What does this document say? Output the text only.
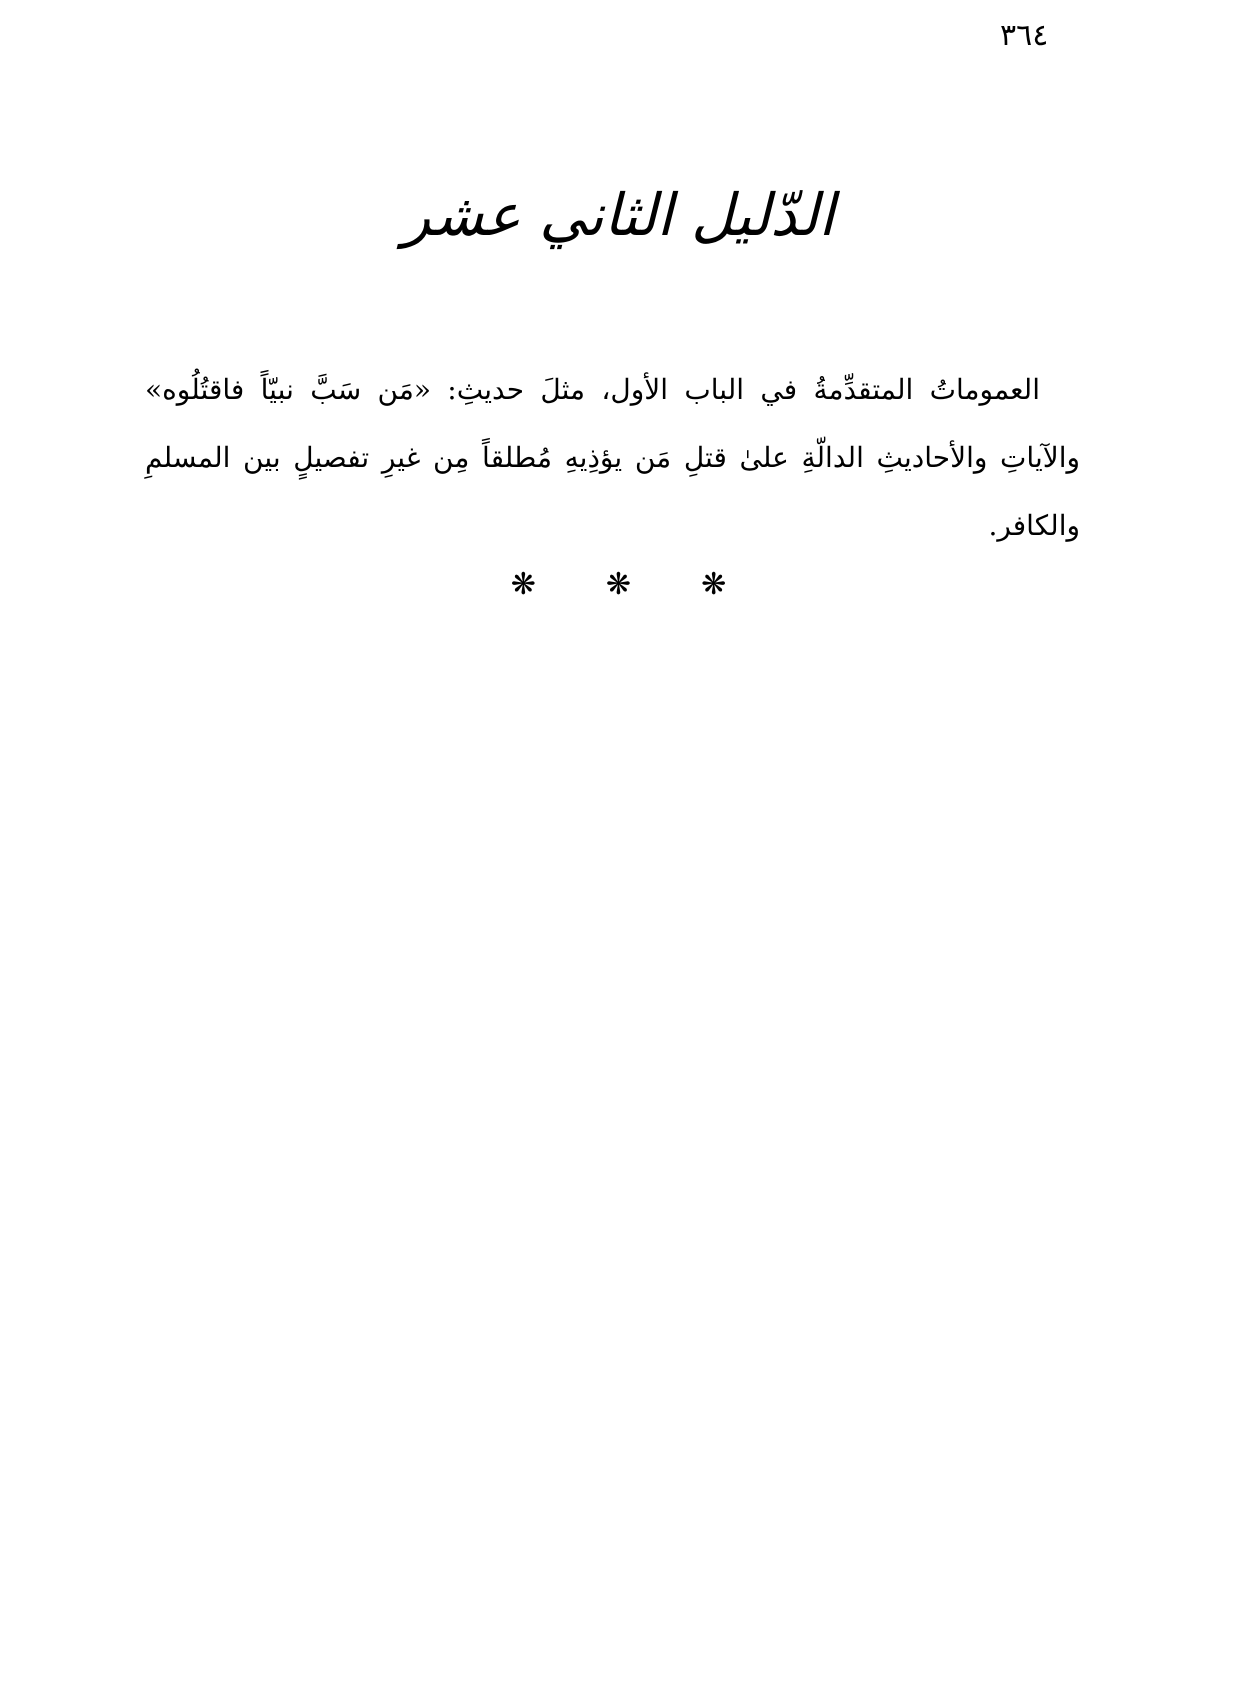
٣٦٤
الدّليل الثاني عشر

العموماتُ المتقدِّمةُ في الباب الأول، مثلَ حديثِ: «مَن سَبَّ نبيّاً فاقتُلُوه» والآياتِ والأحاديثِ الدالّةِ علىٰ قتلِ مَن يؤذِيهِ مُطلقاً مِن غيرِ تفصيلٍ بين المسلمِ والكافر.

❋ ❋ ❋
